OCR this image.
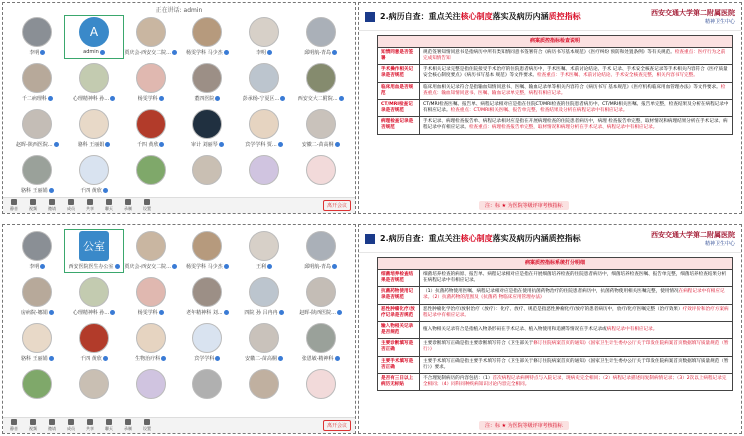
正在讲话: admin
李明
A
admin	贾庆会-西安交二院...	杨雯学科 马少杰	李明	邱明航-青岛
千二病理科	心理精神科 孙...	杨雯学科	董四医院	彭承杨-宁夏区...	西安交大二附院...
赵晖-陕西医院...	骆科 王丽娟	千四 黄欣	审计 刘丽琴	宾学学科 贾...	安徽二-苗高桐
骆科 王丽娟	千四 黄欣
静音	视频	邀请	成员	共享	聊天	录制	设置	离开会议
李明
公室
西安医院医生办公室 贾庆会-西安交二院...	杨雯学科 马少杰	王利	邱明航-青岛
房病院-娜娟	心理精神科 孙...	杨雯学科	老年精神科 刘...	四院 孙 吕冉冉	赵晖-陕西医院...
骆科 王丽娟	千四 黄欣	生物治疗科	宾学学科	安徽二-苗高桐	张恩敏-精神科
静音	视频	邀请	成员	共享	聊天	录制	设置	离开会议
2.病历自查：重点关注核心制度落实及病历内涵质控指标	西安交通大学第二附属医院
精神卫生中心
病案质控指标检查说明	
知情同意是否签署	规范签署知情同意书是指病历中所有类知情同意书签署符合《病历书写基本规范》《医疗纠纷 预防和处置条例》等有关规范。检查重点：医疗行为之前完成知情告知
手术操作相关记录是否规范	手术相关记录完整是指住院接受手术治疗的住院患者病历中，手术医嘱、术前讨论结论、手术 记录、手术安全核查记录等手术相关内容符合《医疗质量安全核心制度要点》《病历书写基本 规范》等文件要求。检查重点：手术医嘱、术前讨论结论、手术安全核查完整，相关内容书写完整。
临床用血是否规范	临床用血相关记录符合是指输血知情同意书、医嘱、输血记录单等相关内容符合《病历书写 基本规范》《医疗机构临床用血管理办法》等文件要求。检查重点：输血知情同意书、医嘱、输血记录单完整，病程有相应记录。
CT/MRI检查记录是否规范	CT/MRI检查医嘱、报告单、病程记录相对应是指在住院CT/MRI检查的住院患者病历中、CT/MRI相关医嘱、报告单完整，检查结果及分析在病程记录中有相应记录。检查重点：CT/MRI相关医嘱、报告单完整，检查结果及分析在病程记录中有相应记录。
病理检查记录是否规范	手术记录、病理检查报告单、病程记录相对应是指在开展病理检查的住院患者病历中，病理 检查报告单完整，取材情况和病理结果分析在手术记录、病程记录中有相应记录。检查重点：病理检查报告单完整，取材情况和病理分析在手术记录、病程记录中有相应记录。
注：标 ★ 为医院等级评审考核指标
2.病历自查：重点关注核心制度落实及病历内涵质控指标	西安交通大学第二附属医院
精神卫生中心
病案质控指标系统打分明细	
细菌培养检查结果是否规范	细菌培养检查的病原、报告单、病程记录相对应是指在开展细菌培养检查的住院患者病历中，细菌培养检查医嘱、报告单完整，细菌培养检查结果分析在病程记录中有相应记录。
抗菌药物使用记录是否规范	（1）抗菌药物使用医嘱、病程记录相对应是指在使用抗菌药物治疗的住院患者病历中，抗菌药物使用相关医嘱完整，使用情况在病程记录中有相应记录。（2）抗菌药物的范围及《抗菌药 物临床应用管理办法》
恶性肿瘤化疗/放疗记录是否规范	恶性肿瘤化学治疗/放射治疗（放疗）：化疗、放疗、规范是指恶性肿瘤化疗/放疗的患者病历中，放疗/化疗医嘱完整（治疗效果）疗效评价和治疗方案病程记录中有相应记录。
输入物相关记录是否规范	植入物相关记录符合是指植入物条形码在手术记录、植入物使用和追溯等情况在手术记录或病程记录中有相应记录。
主要诊断填写是否正确	主要诊断填写正确是指主要诊断填写符合《卫生部关于修订住院病案首页的通知》《国家卫生计生委办公厅关于印发住院病案首页数据填写质量规范（暂行）》
主要手术填写是否正确	主要手术填写正确是指主要手术填写符合《卫生部关于修订住院病案首页的通知》《国家卫生计生委办公厅关于印发住院病案首页数据填写质量规范（暂行）》要求。
是否有三日以上病历无标贴	不合理复制病历的内容包括：（1）首次病程记录病例特点与入院记录，现病史完全相同；（2）病程记录描述间复制病情记录；（3）2次以上病程记录完全相同；（4）同科同种疾病知识讨论内容完全相同。
注：标 ★ 为医院等级评审考核指标
